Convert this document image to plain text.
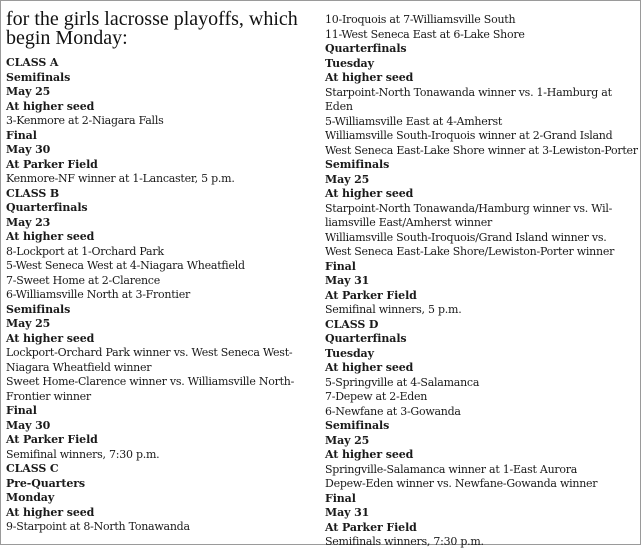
for the girls lacrosse playoffs, which begin Monday:
CLASS A
Semifinals
May 25
At higher seed
3-Kenmore at 2-Niagara Falls
Final
May 30
At Parker Field
Kenmore-NF winner at 1-Lancaster, 5 p.m.
CLASS B
Quarterfinals
May 23
At higher seed
8-Lockport at 1-Orchard Park
5-West Seneca West at 4-Niagara Wheatfield
7-Sweet Home at 2-Clarence
6-Williamsville North at 3-Frontier
Semifinals
May 25
At higher seed
Lockport-Orchard Park winner vs. West Seneca West-
Niagara Wheatfield winner
Sweet Home-Clarence winner vs. Williamsville North-
Frontier winner
Final
May 30
At Parker Field
Semifinal winners, 7:30 p.m.
CLASS C
Pre-Quarters
Monday
At higher seed
9-Starpoint at 8-North Tonawanda
10-Iroquois at 7-Williamsville South
11-West Seneca East at 6-Lake Shore
Quarterfinals
Tuesday
At higher seed
Starpoint-North Tonawanda winner vs. 1-Hamburg at
Eden
5-Williamsville East at 4-Amherst
Williamsville South-Iroquois winner at 2-Grand Island
West Seneca East-Lake Shore winner at 3-Lewiston-Porter
Semifinals
May 25
At higher seed
Starpoint-North Tonawanda/Hamburg winner vs. Wil-
liamsville East/Amherst winner
Williamsville South-Iroquois/Grand Island winner vs.
West Seneca East-Lake Shore/Lewiston-Porter winner
Final
May 31
At Parker Field
Semifinal winners, 5 p.m.
CLASS D
Quarterfinals
Tuesday
At higher seed
5-Springville at 4-Salamanca
7-Depew at 2-Eden
6-Newfane at 3-Gowanda
Semifinals
May 25
At higher seed
Springville-Salamanca winner at 1-East Aurora
Depew-Eden winner vs. Newfane-Gowanda winner
Final
May 31
At Parker Field
Semifinals winners, 7:30 p.m.
